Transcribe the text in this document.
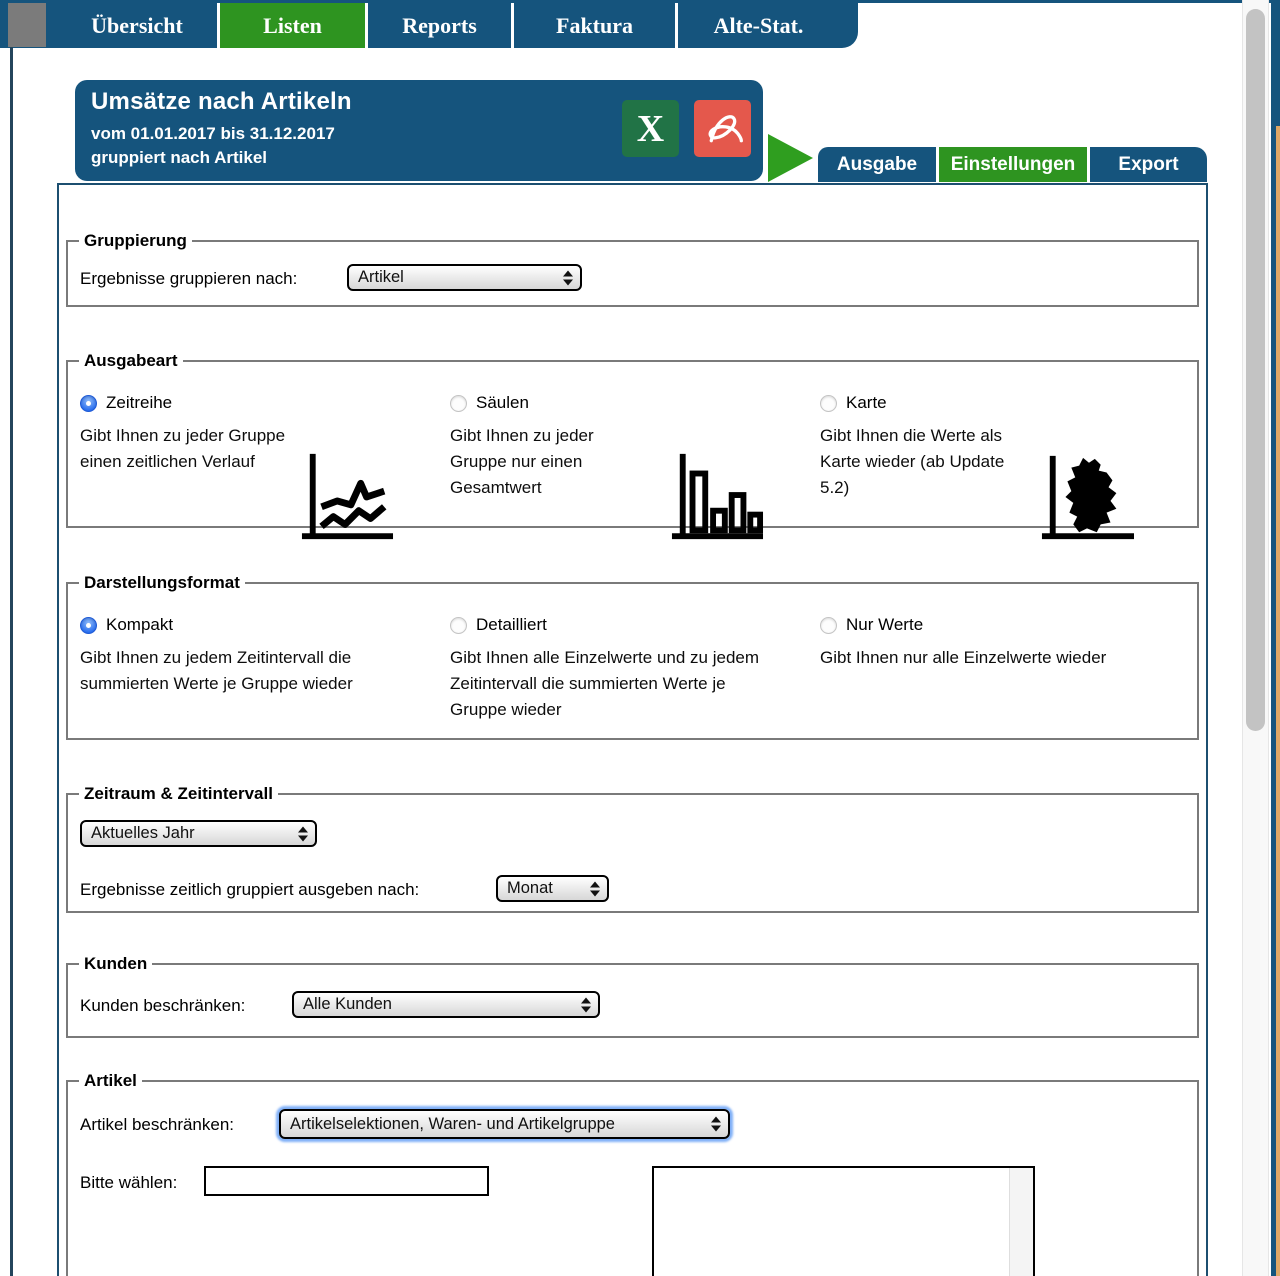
Übersicht	Listen	Reports	Faktura	Alte-Stat.
Umsätze nach Artikeln
vom 01.01.2017 bis 31.12.2017
gruppiert nach Artikel
X
Ausgabe	Einstellungen	Export
Gruppierung
Ergebnisse gruppieren nach:	Artikel
Ausgabeart
Zeitreihe
Gibt Ihnen zu jeder Gruppe einen zeitlichen Verlauf
Säulen
Gibt Ihnen zu jeder Gruppe nur einen Gesamtwert
Karte
Gibt Ihnen die Werte als Karte wieder (ab Update 5.2)
Darstellungsformat
Kompakt
Gibt Ihnen zu jedem Zeitintervall die summierten Werte je Gruppe wieder
Detailliert
Gibt Ihnen alle Einzelwerte und zu jedem Zeitintervall die summierten Werte je Gruppe wieder
Nur Werte
Gibt Ihnen nur alle Einzelwerte wieder
Zeitraum & Zeitintervall
Aktuelles Jahr
Ergebnisse zeitlich gruppiert ausgeben nach:	Monat
Kunden
Kunden beschränken:	Alle Kunden
Artikel
Artikel beschränken:	Artikelselektionen, Waren- und Artikelgruppe
Bitte wählen:
